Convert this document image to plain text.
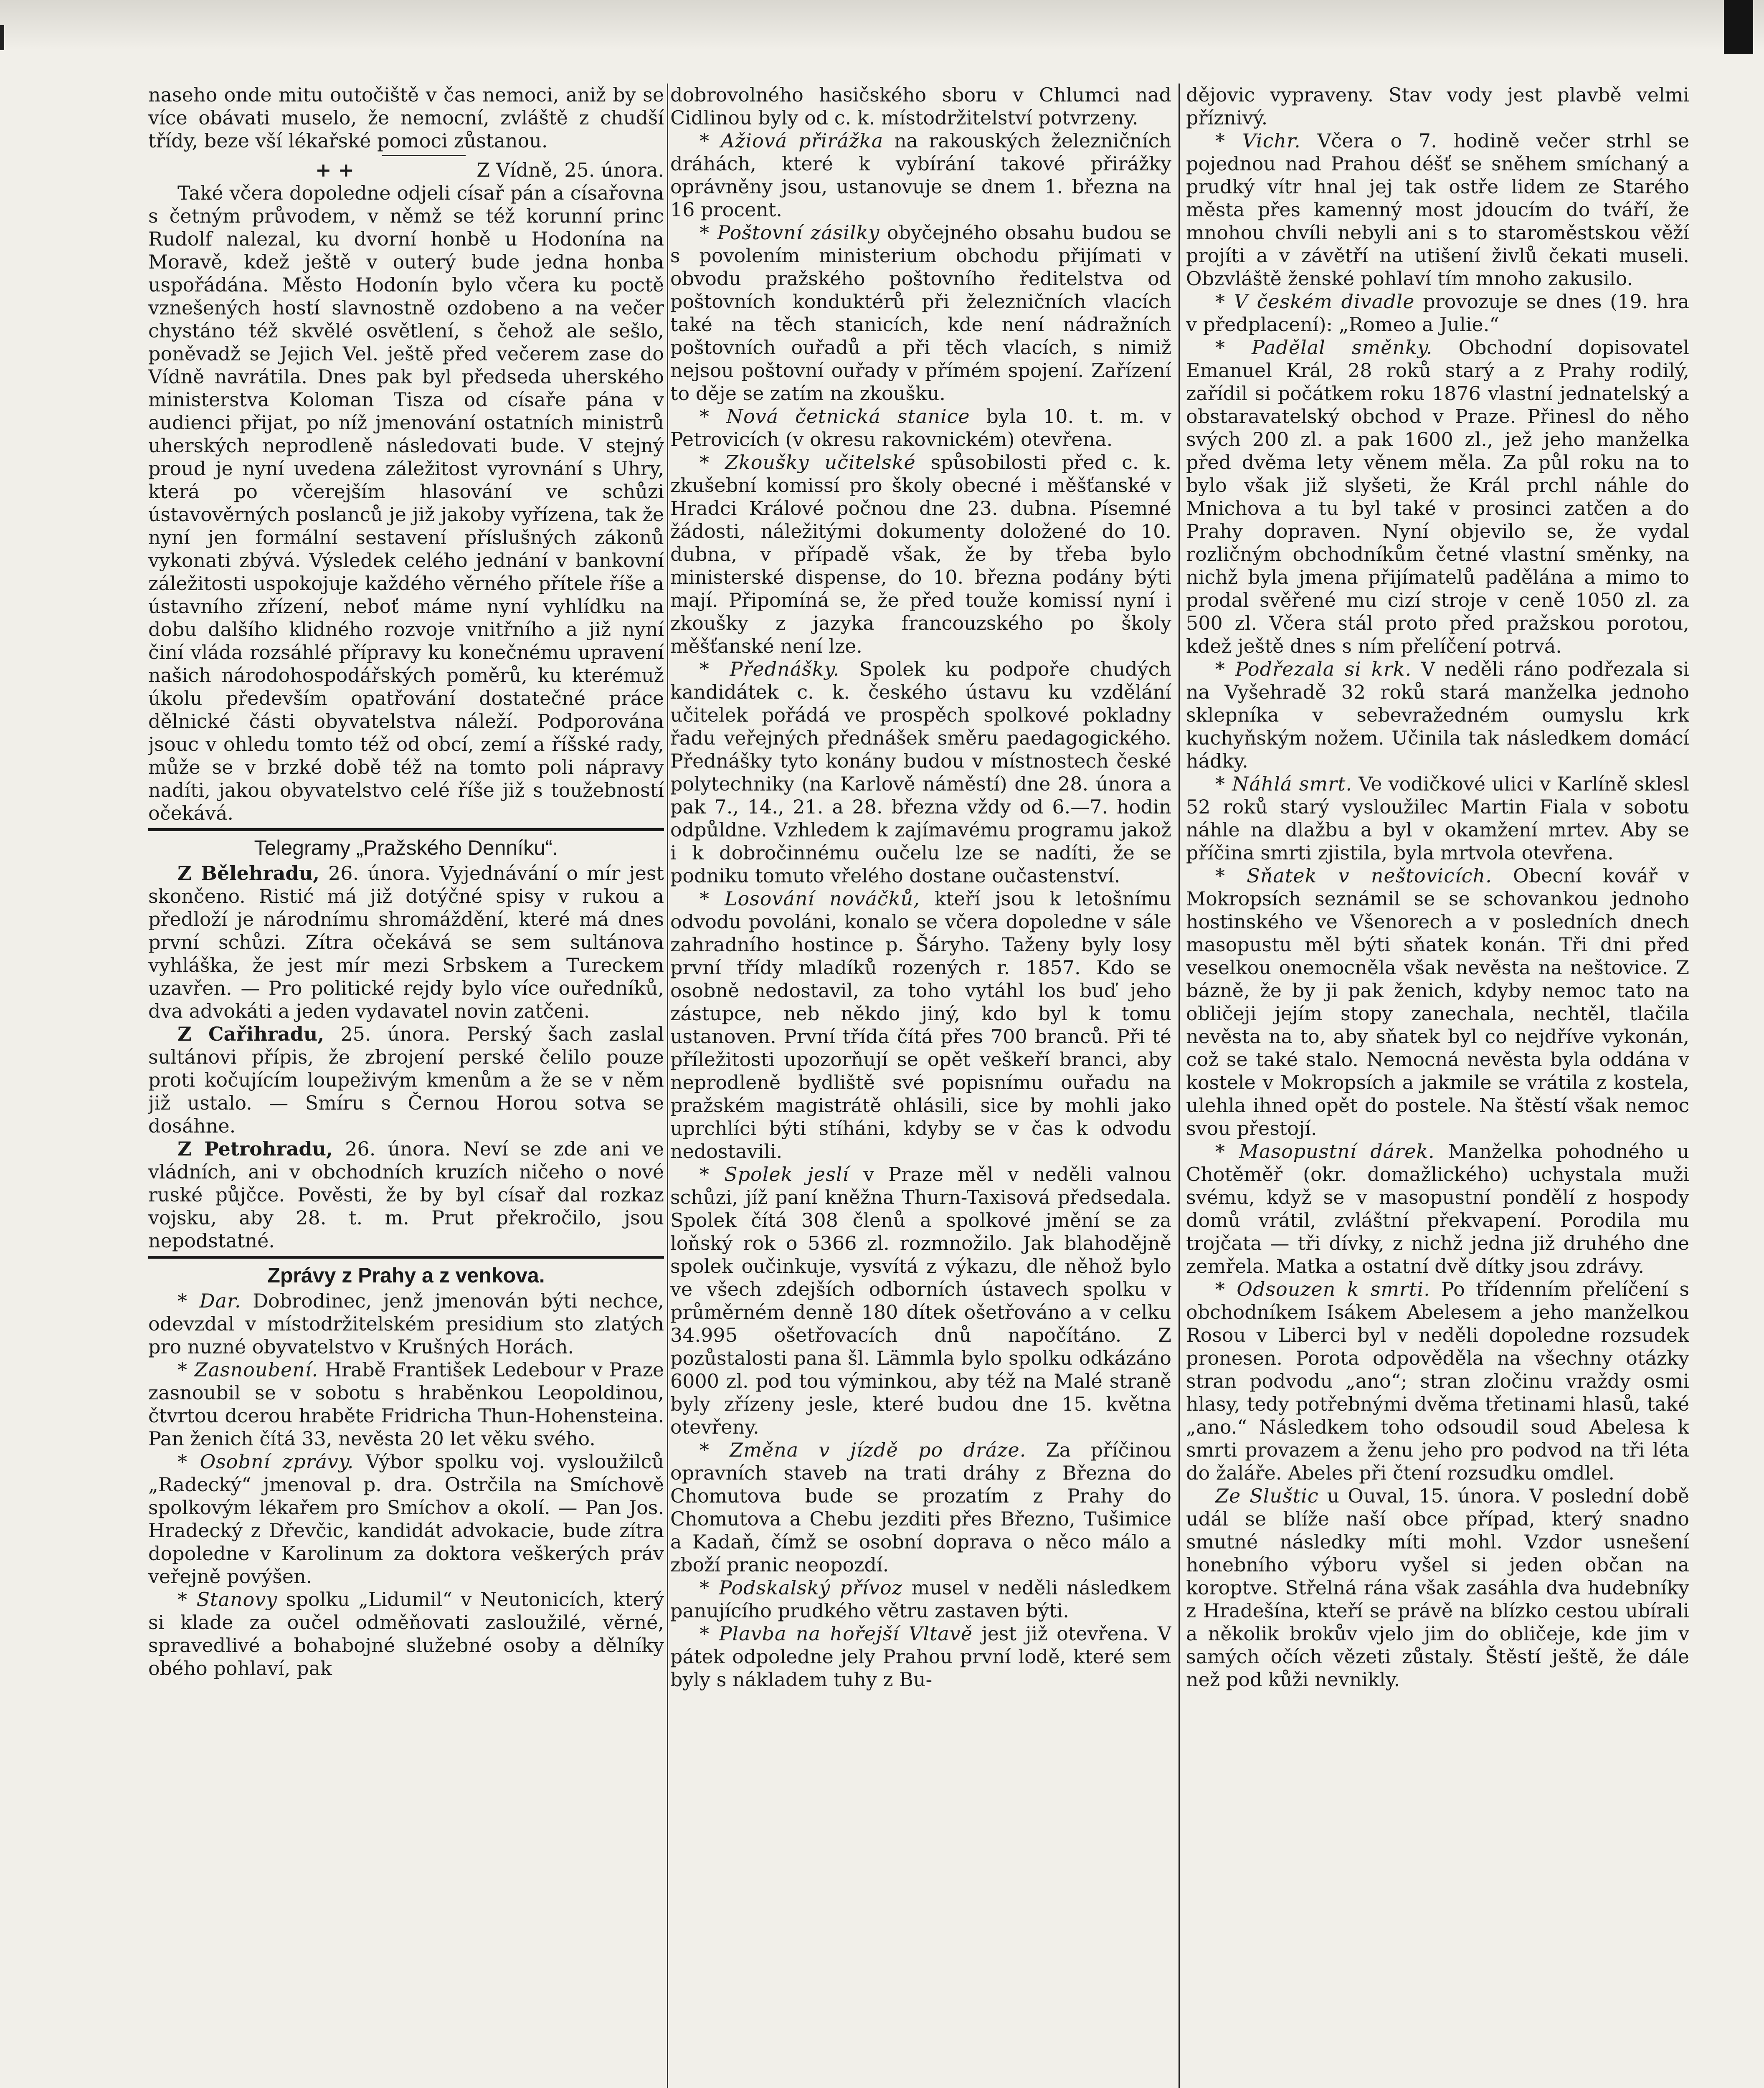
naseho onde mitu outočiště v čas nemoci, aniž by se více obávati muselo, že nemocní, zvláště z chudší třídy, beze vší lékařské pomoci zůstanou.

+ +	Z Vídně, 25. února.

Také včera dopoledne odjeli císař pán a císařovna s četným průvodem, v němž se též korunní princ Rudolf nalezal, ku dvorní honbě u Hodonína na Moravě, kdež ještě v outerý bude jedna honba uspořádána. Město Hodonín bylo včera ku poctě vznešených hostí slavnostně ozdobeno a na večer chystáno též skvělé osvětlení, s čehož ale sešlo, poněvadž se Jejich Vel. ještě před večerem zase do Vídně navrátila. Dnes pak byl předseda uherského ministerstva Koloman Tisza od císaře pána v audienci přijat, po níž jmenování ostatních ministrů uherských neprodleně následovati bude. V stejný proud je nyní uvedena záležitost vyrovnání s Uhry, která po včerejším hlasování ve schůzi ústavověrných poslanců je již jakoby vyřízena, tak že nyní jen formální sestavení příslušných zákonů vykonati zbývá. Výsledek celého jednání v bankovní záležitosti uspokojuje každého věrného přítele říše a ústavního zřízení, neboť máme nyní vyhlídku na dobu dalšího klidného rozvoje vnitřního a již nyní činí vláda rozsáhlé přípravy ku konečnému upravení našich národohospodářských poměrů, ku kterémuž úkolu především opatřování dostatečné práce dělnické části obyvatelstva náleží. Podporována jsouc v ohledu tomto též od obcí, zemí a říšské rady, může se v brzké době též na tomto poli nápravy nadíti, jakou obyvatelstvo celé říše již s toužebností očekává.

Telegramy „Pražského Denníku“.

Z Bělehradu, 26. února. Vyjednávání o mír jest skončeno. Ristić má již dotýčné spisy v rukou a předloží je národnímu shromáždění, které má dnes první schůzi. Zítra očekává se sem sultánova vyhláška, že jest mír mezi Srbskem a Tureckem uzavřen. — Pro politické rejdy bylo více ouředníků, dva advokáti a jeden vydavatel novin zatčeni.

Z Cařihradu, 25. února. Perský šach zaslal sultánovi přípis, že zbrojení perské čelilo pouze proti kočujícím loupeživým kmenům a že se v něm již ustalo. — Smíru s Černou Horou sotva se dosáhne.

Z Petrohradu, 26. února. Neví se zde ani ve vládních, ani v obchodních kruzích ničeho o nové ruské půjčce. Pověsti, že by byl císař dal rozkaz vojsku, aby 28. t. m. Prut překročilo, jsou nepodstatné.

Zprávy z Prahy a z venkova.

* Dar. Dobrodinec, jenž jmenován býti nechce, odevzdal v místodržitelském presidium sto zlatých pro nuzné obyvatelstvo v Krušných Horách.

* Zasnoubení. Hrabě František Ledebour v Praze zasnoubil se v sobotu s hraběnkou Leopoldinou, čtvrtou dcerou hraběte Fridricha Thun-Hohensteina. Pan ženich čítá 33, nevěsta 20 let věku svého.

* Osobní zprávy. Výbor spolku voj. vysloužilců „Radecký“ jmenoval p. dra. Ostrčila na Smíchově spolkovým lékařem pro Smíchov a okolí. — Pan Jos. Hradecký z Dřevčic, kandidát advokacie, bude zítra dopoledne v Karolinum za doktora veškerých práv veřejně povýšen.

* Stanovy spolku „Lidumil“ v Neutonicích, který si klade za oučel odměňovati zasloužilé, věrné, spravedlivé a bohabojné služebné osoby a dělníky obého pohlaví, pak

dobrovolného hasičského sboru v Chlumci nad Cidlinou byly od c. k. místodržitelství potvrzeny.

* Ažiová přirážka na rakouských železničních dráhách, které k vybírání takové přirážky oprávněny jsou, ustanovuje se dnem 1. března na 16 procent.

* Poštovní zásilky obyčejného obsahu budou se s povolením ministerium obchodu přijímati v obvodu pražského poštovního ředitelstva od poštovních konduktérů při železničních vlacích také na těch stanicích, kde není nádražních poštovních ouřadů a při těch vlacích, s nimiž nejsou poštovní ouřady v přímém spojení. Zařízení to děje se zatím na zkoušku.

* Nová četnická stanice byla 10. t. m. v Petrovicích (v okresu rakovnickém) otevřena.

* Zkoušky učitelské spůsobilosti před c. k. zkušební komissí pro školy obecné i měšťanské v Hradci Králové počnou dne 23. dubna. Písemné žádosti, náležitými dokumenty doložené do 10. dubna, v případě však, že by třeba bylo ministerské dispense, do 10. března podány býti mají. Připomíná se, že před touže komissí nyní i zkoušky z jazyka francouzského po školy měšťanské není lze.

* Přednášky. Spolek ku podpoře chudých kandidátek c. k. českého ústavu ku vzdělání učitelek pořádá ve prospěch spolkové pokladny řadu veřejných přednášek směru paedagogického. Přednášky tyto konány budou v místnostech české polytechniky (na Karlově náměstí) dne 28. února a pak 7., 14., 21. a 28. března vždy od 6.—7. hodin odpůldne. Vzhledem k zajímavému programu jakož i k dobročinnému oučelu lze se nadíti, že se podniku tomuto vřelého dostane oučastenství.

* Losování nováčků, kteří jsou k letošnímu odvodu povoláni, konalo se včera dopoledne v sále zahradního hostince p. Šáryho. Taženy byly losy první třídy mladíků rozených r. 1857. Kdo se osobně nedostavil, za toho vytáhl los buď jeho zástupce, neb někdo jiný, kdo byl k tomu ustanoven. První třída čítá přes 700 branců. Při té příležitosti upozorňují se opět veškeří branci, aby neprodleně bydliště své popisnímu ouřadu na pražském magistrátě ohlásili, sice by mohli jako uprchlíci býti stíháni, kdyby se v čas k odvodu nedostavili.

* Spolek jeslí v Praze měl v neděli valnou schůzi, jíž paní kněžna Thurn-Taxisová předsedala. Spolek čítá 308 členů a spolkové jmění se za loňský rok o 5366 zl. rozmnožilo. Jak blahodějně spolek oučinkuje, vysvítá z výkazu, dle něhož bylo ve všech zdejších odborních ústavech spolku v průměrném denně 180 dítek ošetřováno a v celku 34.995 ošetřovacích dnů napočítáno. Z pozůstalosti pana šl. Lämmla bylo spolku odkázáno 6000 zl. pod tou výminkou, aby též na Malé straně byly zřízeny jesle, které budou dne 15. května otevřeny.

* Změna v jízdě po dráze. Za příčinou opravních staveb na trati dráhy z Března do Chomutova bude se prozatím z Prahy do Chomutova a Chebu jezditi přes Březno, Tušimice a Kadaň, čímž se osobní doprava o něco málo a zboží pranic neopozdí.

* Podskalský přívoz musel v neděli následkem panujícího prudkého větru zastaven býti.

* Plavba na hořejší Vltavě jest již otevřena. V pátek odpoledne jely Prahou první lodě, které sem byly s nákladem tuhy z Bu-

dějovic vypraveny. Stav vody jest plavbě velmi příznivý.

* Vichr. Včera o 7. hodině večer strhl se pojednou nad Prahou déšť se sněhem smíchaný a prudký vítr hnal jej tak ostře lidem ze Starého města přes kamenný most jdoucím do tváří, že mnohou chvíli nebyli ani s to staroměstskou věží projíti a v závětří na utišení živlů čekati museli. Obzvláště ženské pohlaví tím mnoho zakusilo.

* V českém divadle provozuje se dnes (19. hra v předplacení): „Romeo a Julie.“

* Padělal směnky. Obchodní dopisovatel Emanuel Král, 28 roků starý a z Prahy rodilý, zařídil si počátkem roku 1876 vlastní jednatelský a obstaravatelský obchod v Praze. Přinesl do něho svých 200 zl. a pak 1600 zl., jež jeho manželka před dvěma lety věnem měla. Za půl roku na to bylo však již slyšeti, že Král prchl náhle do Mnichova a tu byl také v prosinci zatčen a do Prahy dopraven. Nyní objevilo se, že vydal rozličným obchodníkům četné vlastní směnky, na nichž byla jmena přijímatelů padělána a mimo to prodal svěřené mu cizí stroje v ceně 1050 zl. za 500 zl. Včera stál proto před pražskou porotou, kdež ještě dnes s ním přelíčení potrvá.

* Podřezala si krk. V neděli ráno podřezala si na Vyšehradě 32 roků stará manželka jednoho sklepníka v sebevražedném oumyslu krk kuchyňským nožem. Učinila tak následkem domácí hádky.

* Náhlá smrt. Ve vodičkové ulici v Karlíně sklesl 52 roků starý vysloužilec Martin Fiala v sobotu náhle na dlažbu a byl v okamžení mrtev. Aby se příčina smrti zjistila, byla mrtvola otevřena.

* Sňatek v neštovicích. Obecní kovář v Mokropsích seznámil se se schovankou jednoho hostinského ve Všenorech a v posledních dnech masopustu měl býti sňatek konán. Tři dni před veselkou onemocněla však nevěsta na neštovice. Z bázně, že by ji pak ženich, kdyby nemoc tato na obličeji jejím stopy zanechala, nechtěl, tlačila nevěsta na to, aby sňatek byl co nejdříve vykonán, což se také stalo. Nemocná nevěsta byla oddána v kostele v Mokropsích a jakmile se vrátila z kostela, ulehla ihned opět do postele. Na štěstí však nemoc svou přestojí.

* Masopustní dárek. Manželka pohodného u Chotěměř (okr. domažlického) uchystala muži svému, když se v masopustní pondělí z hospody domů vrátil, zvláštní překvapení. Porodila mu trojčata — tři dívky, z nichž jedna již druhého dne zemřela. Matka a ostatní dvě dítky jsou zdrávy.

* Odsouzen k smrti. Po třídenním přelíčení s obchodníkem Isákem Abelesem a jeho manželkou Rosou v Liberci byl v neděli dopoledne rozsudek pronesen. Porota odpověděla na všechny otázky stran podvodu „ano“; stran zločinu vraždy osmi hlasy, tedy potřebnými dvěma třetinami hlasů, také „ano.“ Následkem toho odsoudil soud Abelesa k smrti provazem a ženu jeho pro podvod na tři léta do žaláře. Abeles při čtení rozsudku omdlel.

Ze Sluštic u Ouval, 15. února. V poslední době udál se blíže naší obce případ, který snadno smutné následky míti mohl. Vzdor usnešení honebního výboru vyšel si jeden občan na koroptve. Střelná rána však zasáhla dva hudebníky z Hradešína, kteří se právě na blízko cestou ubírali a několik brokův vjelo jim do obličeje, kde jim v samých očích vězeti zůstaly. Štěstí ještě, že dále než pod kůži nevnikly.
